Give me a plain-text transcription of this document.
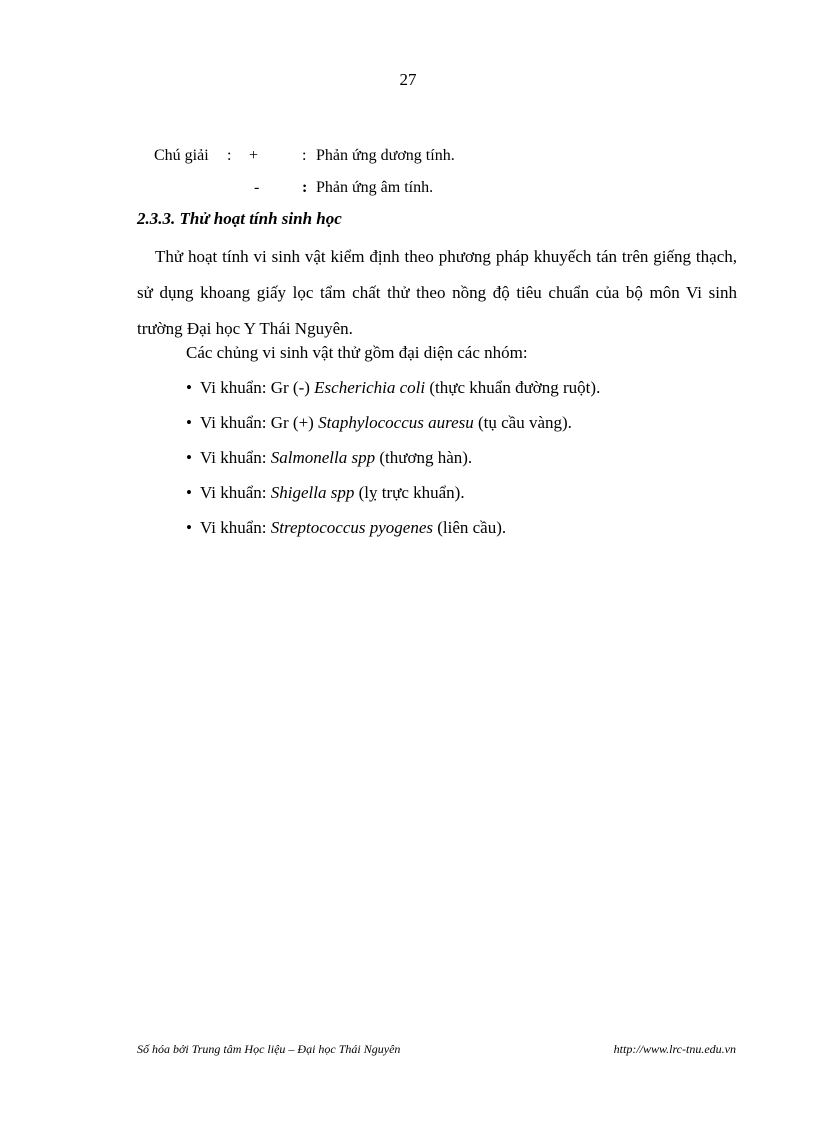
27
Chú giải : +	: Phản ứng dương tính.
-	: Phản ứng âm tính.
2.3.3. Thử hoạt tính sinh học

Thử hoạt tính vi sinh vật kiểm định theo phương pháp khuyếch tán trên giếng thạch, sử dụng khoang giấy lọc tẩm chất thử theo nồng độ tiêu chuẩn của bộ môn Vi sinh trường Đại học Y Thái Nguyên.

Các chủng vi sinh vật thử gồm đại diện các nhóm:
• Vi khuẩn: Gr (-) Escherichia coli (thực khuẩn đường ruột).
• Vi khuẩn: Gr (+) Staphylococcus auresu (tụ cầu vàng).
• Vi khuẩn: Salmonella spp (thương hàn).
• Vi khuẩn: Shigella spp (lỵ trực khuẩn).
• Vi khuẩn: Streptococcus pyogenes (liên cầu).
Số hóa bởi Trung tâm Học liệu – Đại học Thái Nguyên	http://www.lrc-tnu.edu.vn
